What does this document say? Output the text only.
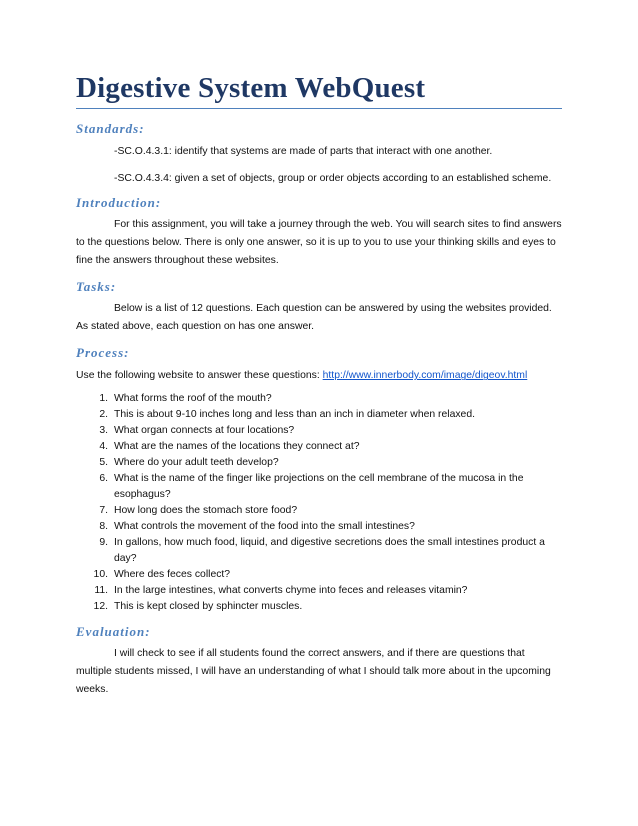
Digestive System WebQuest
Standards:

-SC.O.4.3.1: identify that systems are made of parts that interact with one another.

-SC.O.4.3.4: given a set of objects, group or order objects according to an established scheme.

Introduction:

For this assignment, you will take a journey through the web. You will search sites to find answers to the questions below. There is only one answer, so it is up to you to use your thinking skills and eyes to fine the answers throughout these websites.

Tasks:

Below is a list of 12 questions. Each question can be answered by using the websites provided. As stated above, each question on has one answer.

Process:

Use the following website to answer these questions: http://www.innerbody.com/image/digeov.html

1. What forms the roof of the mouth?
2. This is about 9-10 inches long and less than an inch in diameter when relaxed.
3. What organ connects at four locations?
4. What are the names of the locations they connect at?
5. Where do your adult teeth develop?
6. What is the name of the finger like projections on the cell membrane of the mucosa in the esophagus?
7. How long does the stomach store food?
8. What controls the movement of the food into the small intestines?
9. In gallons, how much food, liquid, and digestive secretions does the small intestines product a day?
10. Where des feces collect?
11. In the large intestines, what converts chyme into feces and releases vitamin?
12. This is kept closed by sphincter muscles.
Evaluation:

I will check to see if all students found the correct answers, and if there are questions that multiple students missed, I will have an understanding of what I should talk more about in the upcoming weeks.
